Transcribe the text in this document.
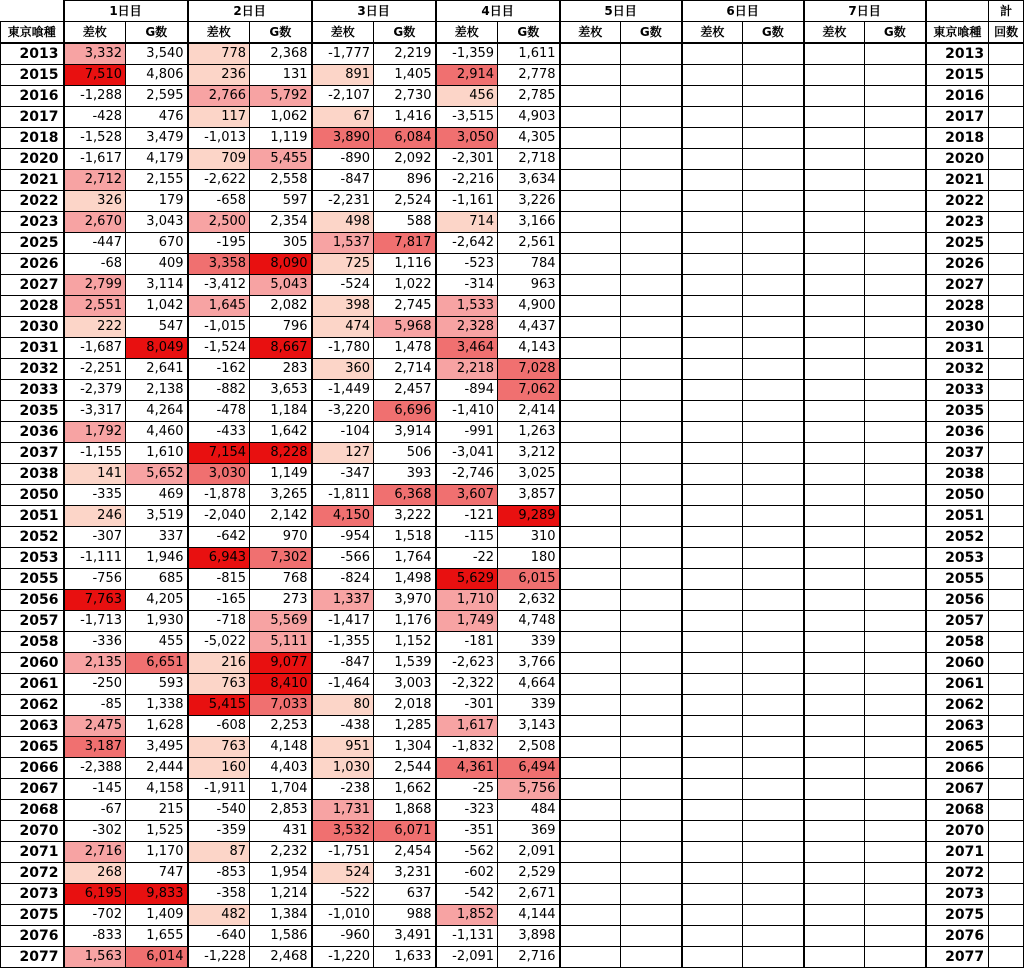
	1日目		2日目		3日目		4日目		5日目		6日目		7日目			計
東京喰種	差枚	G数	差枚	G数	差枚	G数	差枚	G数	差枚	G数	差枚	G数	差枚	G数	東京喰種	回数
2013	3,332	3,540	778	2,368	-1,777	2,219	-1,359	1,611							2013	
2015	7,510	4,806	236	131	891	1,405	2,914	2,778							2015	
2016	-1,288	2,595	2,766	5,792	-2,107	2,730	456	2,785							2016	
2017	-428	476	117	1,062	67	1,416	-3,515	4,903							2017	
2018	-1,528	3,479	-1,013	1,119	3,890	6,084	3,050	4,305							2018	
2020	-1,617	4,179	709	5,455	-890	2,092	-2,301	2,718							2020	
2021	2,712	2,155	-2,622	2,558	-847	896	-2,216	3,634							2021	
2022	326	179	-658	597	-2,231	2,524	-1,161	3,226							2022	
2023	2,670	3,043	2,500	2,354	498	588	714	3,166							2023	
2025	-447	670	-195	305	1,537	7,817	-2,642	2,561							2025	
2026	-68	409	3,358	8,090	725	1,116	-523	784							2026	
2027	2,799	3,114	-3,412	5,043	-524	1,022	-314	963							2027	
2028	2,551	1,042	1,645	2,082	398	2,745	1,533	4,900							2028	
2030	222	547	-1,015	796	474	5,968	2,328	4,437							2030	
2031	-1,687	8,049	-1,524	8,667	-1,780	1,478	3,464	4,143							2031	
2032	-2,251	2,641	-162	283	360	2,714	2,218	7,028							2032	
2033	-2,379	2,138	-882	3,653	-1,449	2,457	-894	7,062							2033	
2035	-3,317	4,264	-478	1,184	-3,220	6,696	-1,410	2,414							2035	
2036	1,792	4,460	-433	1,642	-104	3,914	-991	1,263							2036	
2037	-1,155	1,610	7,154	8,228	127	506	-3,041	3,212							2037	
2038	141	5,652	3,030	1,149	-347	393	-2,746	3,025							2038	
2050	-335	469	-1,878	3,265	-1,811	6,368	3,607	3,857							2050	
2051	246	3,519	-2,040	2,142	4,150	3,222	-121	9,289							2051	
2052	-307	337	-642	970	-954	1,518	-115	310							2052	
2053	-1,111	1,946	6,943	7,302	-566	1,764	-22	180							2053	
2055	-756	685	-815	768	-824	1,498	5,629	6,015							2055	
2056	7,763	4,205	-165	273	1,337	3,970	1,710	2,632							2056	
2057	-1,713	1,930	-718	5,569	-1,417	1,176	1,749	4,748							2057	
2058	-336	455	-5,022	5,111	-1,355	1,152	-181	339							2058	
2060	2,135	6,651	216	9,077	-847	1,539	-2,623	3,766							2060	
2061	-250	593	763	8,410	-1,464	3,003	-2,322	4,664							2061	
2062	-85	1,338	5,415	7,033	80	2,018	-301	339							2062	
2063	2,475	1,628	-608	2,253	-438	1,285	1,617	3,143							2063	
2065	3,187	3,495	763	4,148	951	1,304	-1,832	2,508							2065	
2066	-2,388	2,444	160	4,403	1,030	2,544	4,361	6,494							2066	
2067	-145	4,158	-1,911	1,704	-238	1,662	-25	5,756							2067	
2068	-67	215	-540	2,853	1,731	1,868	-323	484							2068	
2070	-302	1,525	-359	431	3,532	6,071	-351	369							2070	
2071	2,716	1,170	87	2,232	-1,751	2,454	-562	2,091							2071	
2072	268	747	-853	1,954	524	3,231	-602	2,529							2072	
2073	6,195	9,833	-358	1,214	-522	637	-542	2,671							2073	
2075	-702	1,409	482	1,384	-1,010	988	1,852	4,144							2075	
2076	-833	1,655	-640	1,586	-960	3,491	-1,131	3,898							2076	
2077	1,563	6,014	-1,228	2,468	-1,220	1,633	-2,091	2,716							2077	
